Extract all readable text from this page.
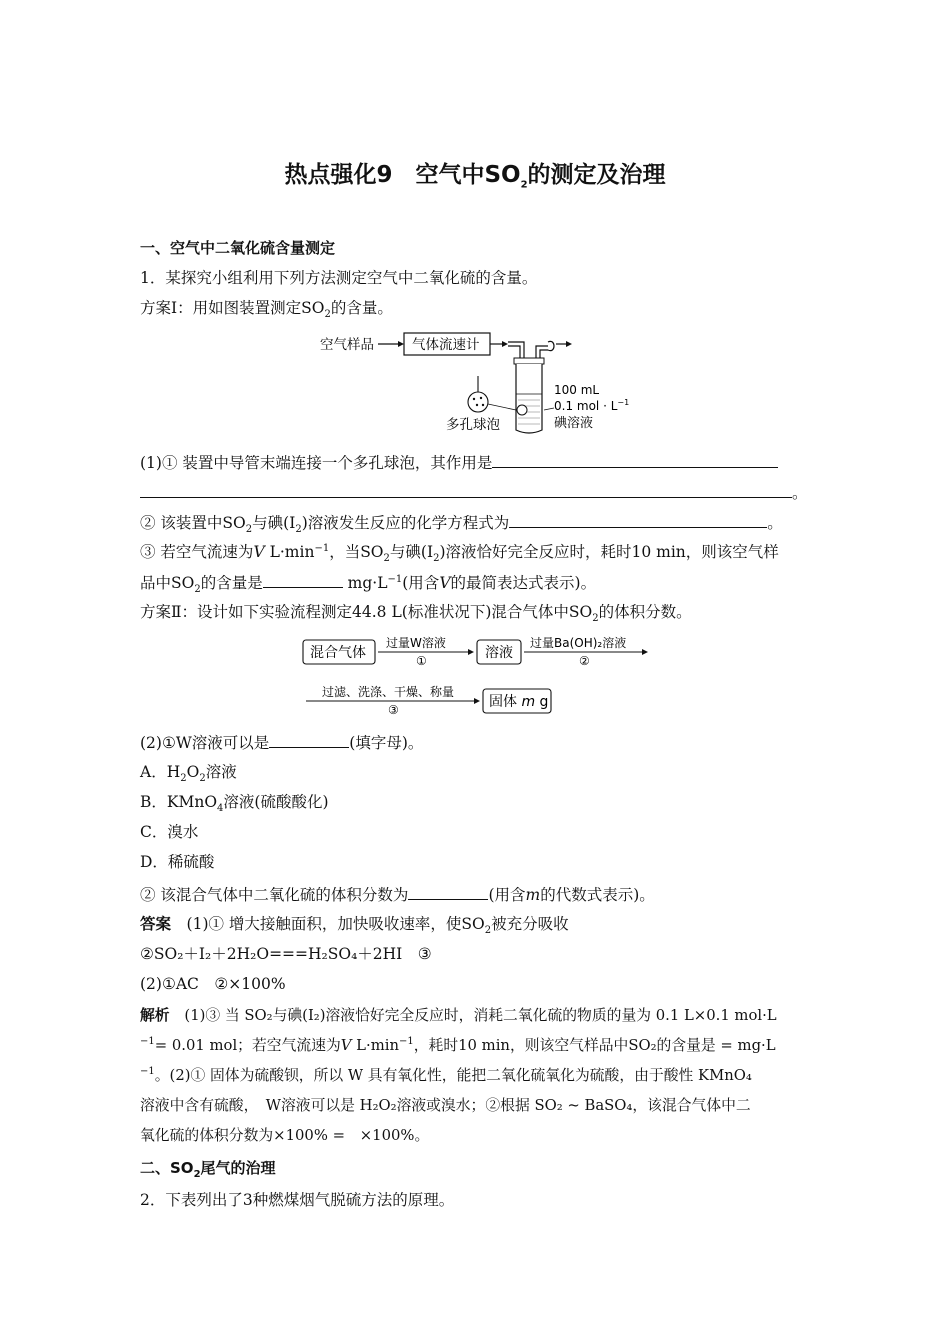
热点强化9　空气中$SO_2$的测定及治理
一、空气中二氧化硫含量测定
1．某探究小组利用下列方法测定空气中二氧化硫的含量。
方案Ⅰ：用如图装置测定$SO_2$的含量。
空气样品	气体流速计
多孔球泡
100 mL
0.1 mol · $L^{-1}$
碘溶液
(1)① 装置中导管末端连接一个多孔球泡，其作用是
。
② 该装置中$SO_2$与碘$(I_2)$溶液发生反应的化学方程式为	。
③ 若空气流速为V $L\cdot\min^{-1}$，当$SO_2$与碘$(I_2)$溶液恰好完全反应时，耗时10 min，则该空气样
品中$SO_2$的含量是	$mg\cdot L^{-1}$(用含V的最简表达式表示)。
方案Ⅱ：设计如下实验流程测定44.8 L(标准状况下)混合气体中$SO_2$的体积分数。
混合气体
过量W溶液
①	溶液
过量Ba(OH)₂溶液
②
过滤、洗涤、干燥、称量
③	固体 m g
(2)①W溶液可以是	(填字母)。
A．$H_2O_2$溶液
B．KMnO$_4$溶液(硫酸酸化)
C．溴水
D．稀硫酸
② 该混合气体中二氧化硫的体积分数为	(用含m的代数式表示)。
答案　 (1)① 增大接触面积，加快吸收速率，使$SO_2$被充分吸收
②SO₂＋I₂＋2H₂O===H₂SO₄＋2HI　③
(2)①AC　②×100%
解析　 (1)③ 当 SO₂与碘(I₂)溶液恰好完全反应时，消耗二氧化硫的物质的量为 0.1 L×0.1 mol·L
$^{-1}$= 0.01 mol；若空气流速为V $L\cdot\min^{-1}$，耗时10 min，则该空气样品中SO₂的含量是 = mg·L
$^{-1}$。(2)① 固体为硫酸钡，所以 W 具有氧化性，能把二氧化硫氧化为硫酸，由于酸性 KMnO₄
溶液中含有硫酸，　W溶液可以是 H₂O₂溶液或溴水；②根据 SO₂ ~ BaSO₄，该混合气体中二
氧化硫的体积分数为×100% =　×100%。
二、$SO_2$尾气的治理
2．下表列出了3种燃煤烟气脱硫方法的原理。
